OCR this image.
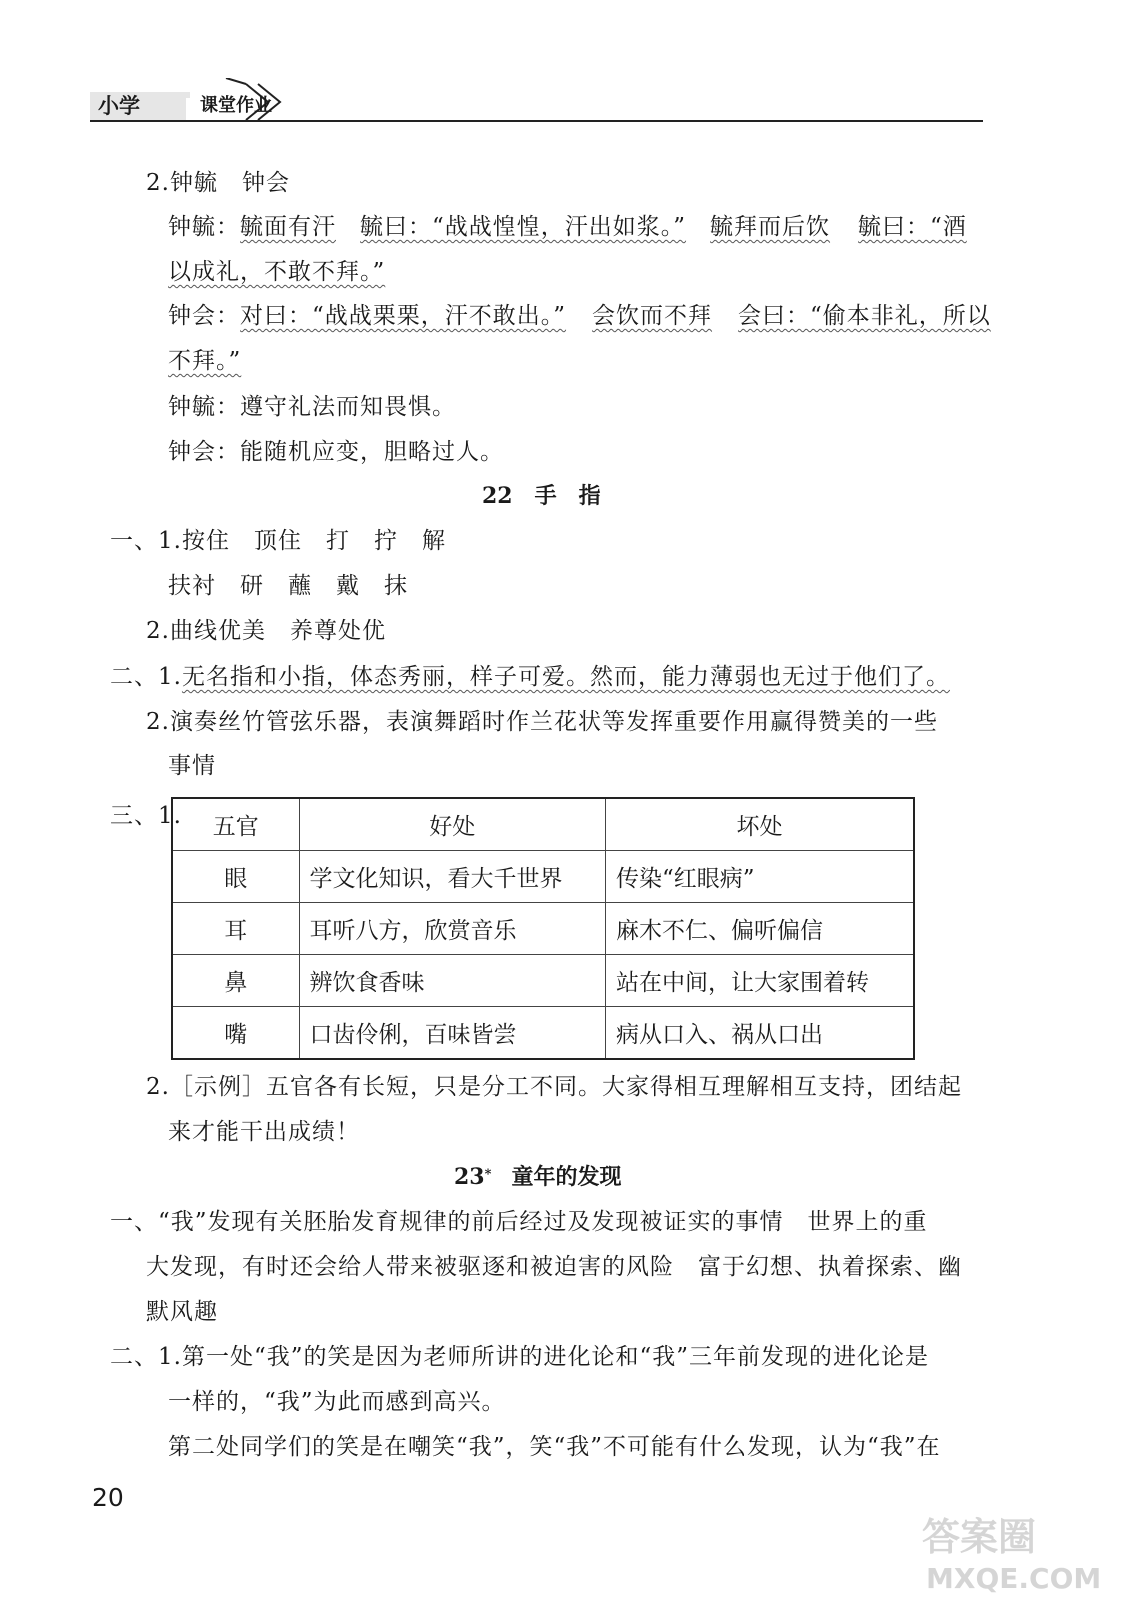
小学	课堂作业
2.钟毓　钟会
钟毓：毓面有汗 毓曰：“战战惶惶，汗出如浆。” 毓拜而后饮 毓曰：“酒
以成礼，不敢不拜。”
钟会：对曰：“战战栗栗，汗不敢出。” 会饮而不拜 会曰：“偷本非礼，所以
不拜。”
钟毓：遵守礼法而知畏惧。
钟会：能随机应变，胆略过人。
22　手　指
一、1.按住　顶住　打　拧　解
扶衬　研　蘸　戴　抹
2.曲线优美　养尊处优
二、1.无名指和小指，体态秀丽，样子可爱。然而，能力薄弱也无过于他们了。
2.演奏丝竹管弦乐器，表演舞蹈时作兰花状等发挥重要作用赢得赞美的一些
事情
三、1. 五官	好处	坏处
眼	学文化知识，看大千世界	传染“红眼病”
耳	耳听八方，欣赏音乐	麻木不仁、偏听偏信
鼻	辨饮食香味	站在中间，让大家围着转
嘴	口齿伶俐，百味皆尝	病从口入、祸从口出
2.［示例］五官各有长短，只是分工不同。大家得相互理解相互支持，团结起
来才能干出成绩！
23* 童年的发现
一、“我”发现有关胚胎发育规律的前后经过及发现被证实的事情　世界上的重
大发现，有时还会给人带来被驱逐和被迫害的风险　富于幻想、执着探索、幽
默风趣
二、1.第一处“我”的笑是因为老师所讲的进化论和“我”三年前发现的进化论是
一样的，“我”为此而感到高兴。
第二处同学们的笑是在嘲笑“我”，笑“我”不可能有什么发现，认为“我”在
20
答案圈
MXQE.COM
